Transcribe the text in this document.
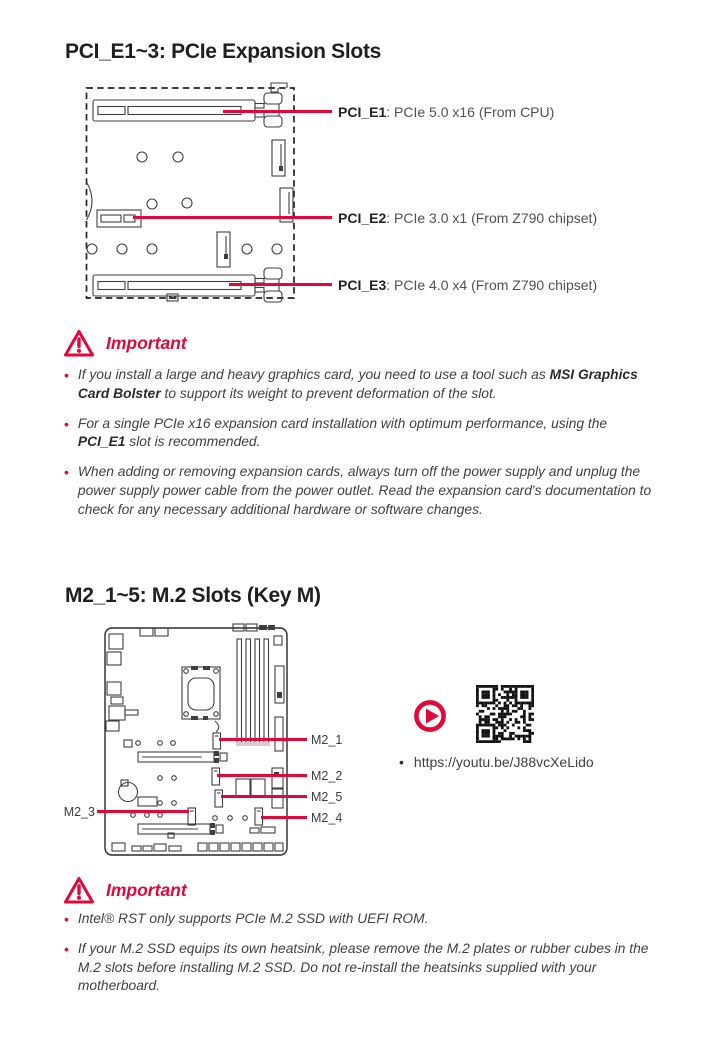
PCI_E1~3: PCIe Expansion Slots
PCI_E1: PCIe 5.0 x16 (From CPU)
PCI_E2: PCIe 3.0 x1 (From Z790 chipset)
PCI_E3: PCIe 4.0 x4 (From Z790 chipset)
Important
• If you install a large and heavy graphics card, you need to use a tool such as MSI Graphics Card Bolster to support its weight to prevent deformation of the slot.
• For a single PCIe x16 expansion card installation with optimum performance, using the PCI_E1 slot is recommended.
• When adding or removing expansion cards, always turn off the power supply and unplug the power supply power cable from the power outlet. Read the expansion card's documentation to check for any necessary additional hardware or software changes.
M2_1~5: M.2 Slots (Key M)
M2_1
M2_2
M2_5
M2_4
M2_3
• https://youtu.be/J88vcXeLido
Important
• Intel® RST only supports PCIe M.2 SSD with UEFI ROM.
• If your M.2 SSD equips its own heatsink, please remove the M.2 plates or rubber cubes in the M.2 slots before installing M.2 SSD. Do not re-install the heatsinks supplied with your motherboard.
